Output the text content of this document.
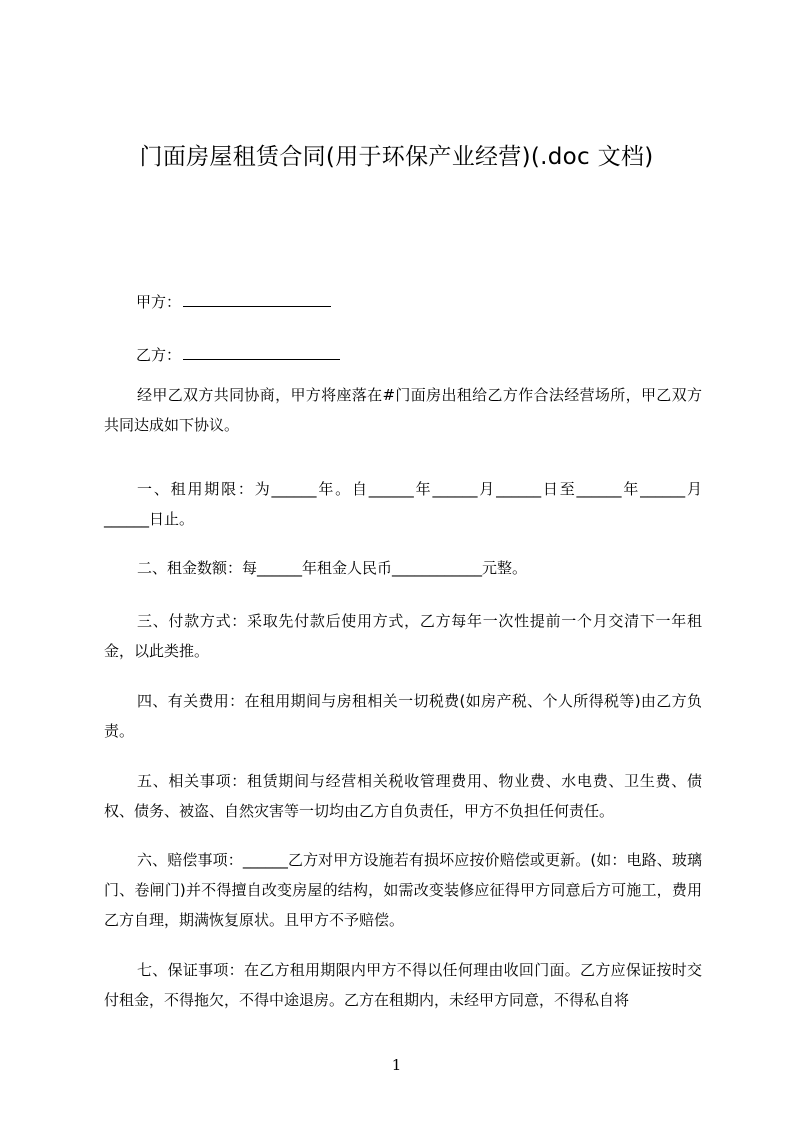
门面房屋租赁合同(用于环保产业经营)(.doc 文档)
甲方：
乙方：

经甲乙双方共同协商，甲方将座落在#门面房出租给乙方作合法经营场所，甲乙双方共同达成如下协议。

一、租用期限：为______年。自______年______月______日至______年______月______日止。

二、租金数额：每______年租金人民币____________元整。

三、付款方式：采取先付款后使用方式，乙方每年一次性提前一个月交清下一年租金，以此类推。

四、有关费用：在租用期间与房租相关一切税费(如房产税、个人所得税等)由乙方负责。

五、相关事项：租赁期间与经营相关税收管理费用、物业费、水电费、卫生费、债权、债务、被盗、自然灾害等一切均由乙方自负责任，甲方不负担任何责任。

六、赔偿事项：______乙方对甲方设施若有损坏应按价赔偿或更新。(如：电路、玻璃门、卷闸门)并不得擅自改变房屋的结构，如需改变装修应征得甲方同意后方可施工，费用乙方自理，期满恢复原状。且甲方不予赔偿。

七、保证事项：在乙方租用期限内甲方不得以任何理由收回门面。乙方应保证按时交付租金，不得拖欠，不得中途退房。乙方在租期内，未经甲方同意，不得私自将

1
